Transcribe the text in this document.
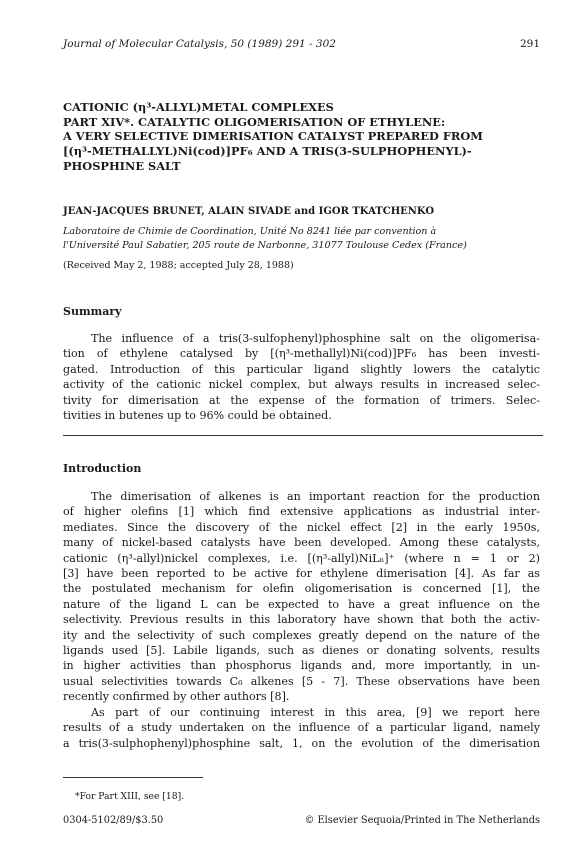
Journal of Molecular Catalysis, 50 (1989) 291 - 302	291
CATIONIC (η³-ALLYL)METAL COMPLEXES
PART XIV*. CATALYTIC OLIGOMERISATION OF ETHYLENE:
A VERY SELECTIVE DIMERISATION CATALYST PREPARED FROM
[(η³-METHALLYL)Ni(cod)]PF₆ AND A TRIS(3-SULPHOPHENYL)-
PHOSPHINE SALT
JEAN-JACQUES BRUNET, ALAIN SIVADE and IGOR TKATCHENKO
Laboratoire de Chimie de Coordination, Unité No 8241 liée par convention à
l'Université Paul Sabatier, 205 route de Narbonne, 31077 Toulouse Cedex (France)
(Received May 2, 1988; accepted July 28, 1988)
Summary
The influence of a tris(3-sulfophenyl)phosphine salt on the oligomerisa-
tion of ethylene catalysed by [(η³-methallyl)Ni(cod)]PF₆ has been investi-
gated. Introduction of this particular ligand slightly lowers the catalytic
activity of the cationic nickel complex, but always results in increased selec-
tivity for dimerisation at the expense of the formation of trimers. Selec-
tivities in butenes up to 96% could be obtained.
Introduction
The dimerisation of alkenes is an important reaction for the production
of higher olefins [1] which find extensive applications as industrial inter-
mediates. Since the discovery of the nickel effect [2] in the early 1950s,
many of nickel-based catalysts have been developed. Among these catalysts,
cationic (η³-allyl)nickel complexes, i.e. [(η³-allyl)NiLₙ]⁺ (where n = 1 or 2)
[3] have been reported to be active for ethylene dimerisation [4]. As far as
the postulated mechanism for olefin oligomerisation is concerned [1], the
nature of the ligand L can be expected to have a great influence on the
selectivity. Previous results in this laboratory have shown that both the activ-
ity and the selectivity of such complexes greatly depend on the nature of the
ligands used [5]. Labile ligands, such as dienes or donating solvents, results
in higher activities than phosphorus ligands and, more importantly, in un-
usual selectivities towards C₆ alkenes [5 - 7]. These observations have been
recently confirmed by other authors [8].
As part of our continuing interest in this area, [9] we report here
results of a study undertaken on the influence of a particular ligand, namely
a tris(3-sulphophenyl)phosphine salt, 1, on the evolution of the dimerisation
*For Part XIII, see [18].
0304-5102/89/$3.50	© Elsevier Sequoia/Printed in The Netherlands
